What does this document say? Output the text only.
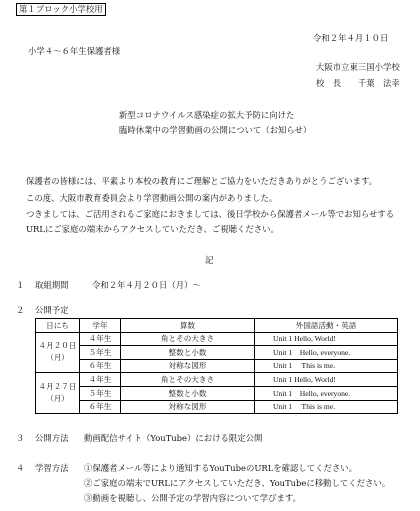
第１ブロック小学校用
令和２年４月１０日
小学４～６年生保護者様
大阪市立東三国小学校
校　長　　千葉　法幸
新型コロナウイルス感染症の拡大予防に向けた
臨時休業中の学習動画の公開について（お知らせ）
保護者の皆様には、平素より本校の教育にご理解とご協力をいただきありがとうございます。
この度、大阪市教育委員会より学習動画公開の案内がありました。
つきましては、ご活用されるご家庭におきましては、後日学校から保護者メール等でお知らせする
URLにご家庭の端末からアクセスしていただき、ご視聴ください。
記
１ 取組期間	令和２年４月２０日（月）～
２ 公開予定
日にち	学年	算数	外国語活動・英語
４月２０日
（月）	４年生	角とその大きさ	Unit 1 Hello, World!
	５年生	整数と小数	Unit 1　Hello, everyone.
	６年生	対称な図形	Unit 1　 This is me.
４月２７日
（月）	４年生	角とその大きさ	Unit 1 Hello, World!
	５年生	整数と小数	Unit 1　Hello, everyone.
	６年生	対称な図形	Unit 1　 This is me.
３ 公開方法 動画配信サイト（YouTube）における限定公開
４ 学習方法 ①保護者メール等により通知するYouTubeのURLを確認してください。
②ご家庭の端末でURLにアクセスしていただき、YouTubeに移動してください。
③動画を視聴し、公開予定の学習内容について学びます。
